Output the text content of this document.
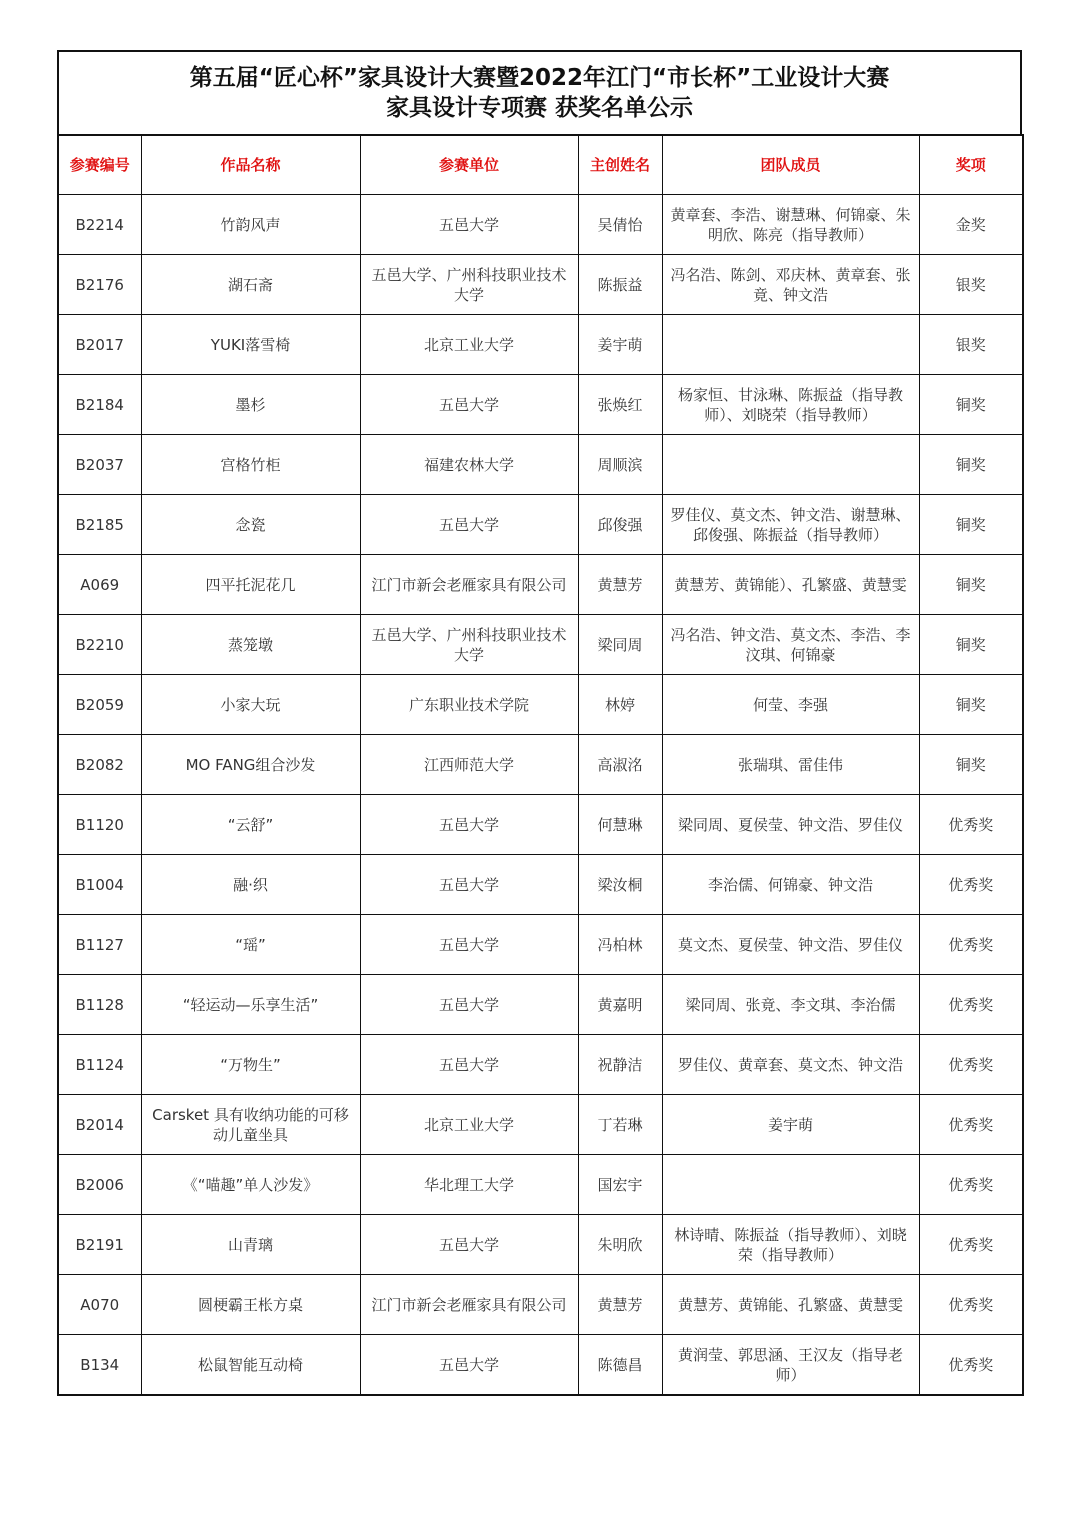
第五届“匠心杯”家具设计大赛暨2022年江门“市长杯”工业设计大赛
家具设计专项赛 获奖名单公示
参赛编号	作品名称	参赛单位	主创姓名	团队成员	奖项
B2214	竹韵风声	五邑大学	吴倩怡	黄章套、李浩、谢慧琳、何锦豪、朱明欣、陈亮（指导教师）	金奖
B2176	湖石斋	五邑大学、广州科技职业技术大学	陈振益	冯名浩、陈剑、邓庆林、黄章套、张竟、钟文浩	银奖
B2017	YUKI落雪椅	北京工业大学	姜宇萌		银奖
B2184	墨杉	五邑大学	张焕红	杨家恒、甘泳琳、陈振益（指导教师）、刘晓荣（指导教师）	铜奖
B2037	宫格竹柜	福建农林大学	周顺滨		铜奖
B2185	念瓷	五邑大学	邱俊强	罗佳仪、莫文杰、钟文浩、谢慧琳、邱俊强、陈振益（指导教师）	铜奖
A069	四平托泥花几	江门市新会老雁家具有限公司	黄慧芳	黄慧芳、黄锦能）、孔繁盛、黄慧雯	铜奖
B2210	蒸笼墩	五邑大学、广州科技职业技术大学	梁同周	冯名浩、钟文浩、莫文杰、李浩、李汶琪、何锦豪	铜奖
B2059	小家大玩	广东职业技术学院	林婷	何莹、李强	铜奖
B2082	MO FANG组合沙发	江西师范大学	高淑洺	张瑞琪、雷佳伟	铜奖
B1120	“云舒”	五邑大学	何慧琳	梁同周、夏侯莹、钟文浩、罗佳仪	优秀奖
B1004	融·织	五邑大学	梁汝桐	李治儒、何锦豪、钟文浩	优秀奖
B1127	“瑶”	五邑大学	冯柏林	莫文杰、夏侯莹、钟文浩、罗佳仪	优秀奖
B1128	“轻运动—乐享生活”	五邑大学	黄嘉明	梁同周、张竟、李文琪、李治儒	优秀奖
B1124	“万物生”	五邑大学	祝静洁	罗佳仪、黄章套、莫文杰、钟文浩	优秀奖
B2014	Carsket 具有收纳功能的可移动儿童坐具	北京工业大学	丁若琳	姜宇萌	优秀奖
B2006	《“喵趣”单人沙发》	华北理工大学	国宏宇		优秀奖
B2191	山青璃	五邑大学	朱明欣	林诗晴、陈振益（指导教师）、刘晓荣（指导教师）	优秀奖
A070	圆梗霸王枨方桌	江门市新会老雁家具有限公司	黄慧芳	黄慧芳、黄锦能、孔繁盛、黄慧雯	优秀奖
B134	松鼠智能互动椅	五邑大学	陈德昌	黄润莹、郭思涵、王汉友（指导老师）	优秀奖
